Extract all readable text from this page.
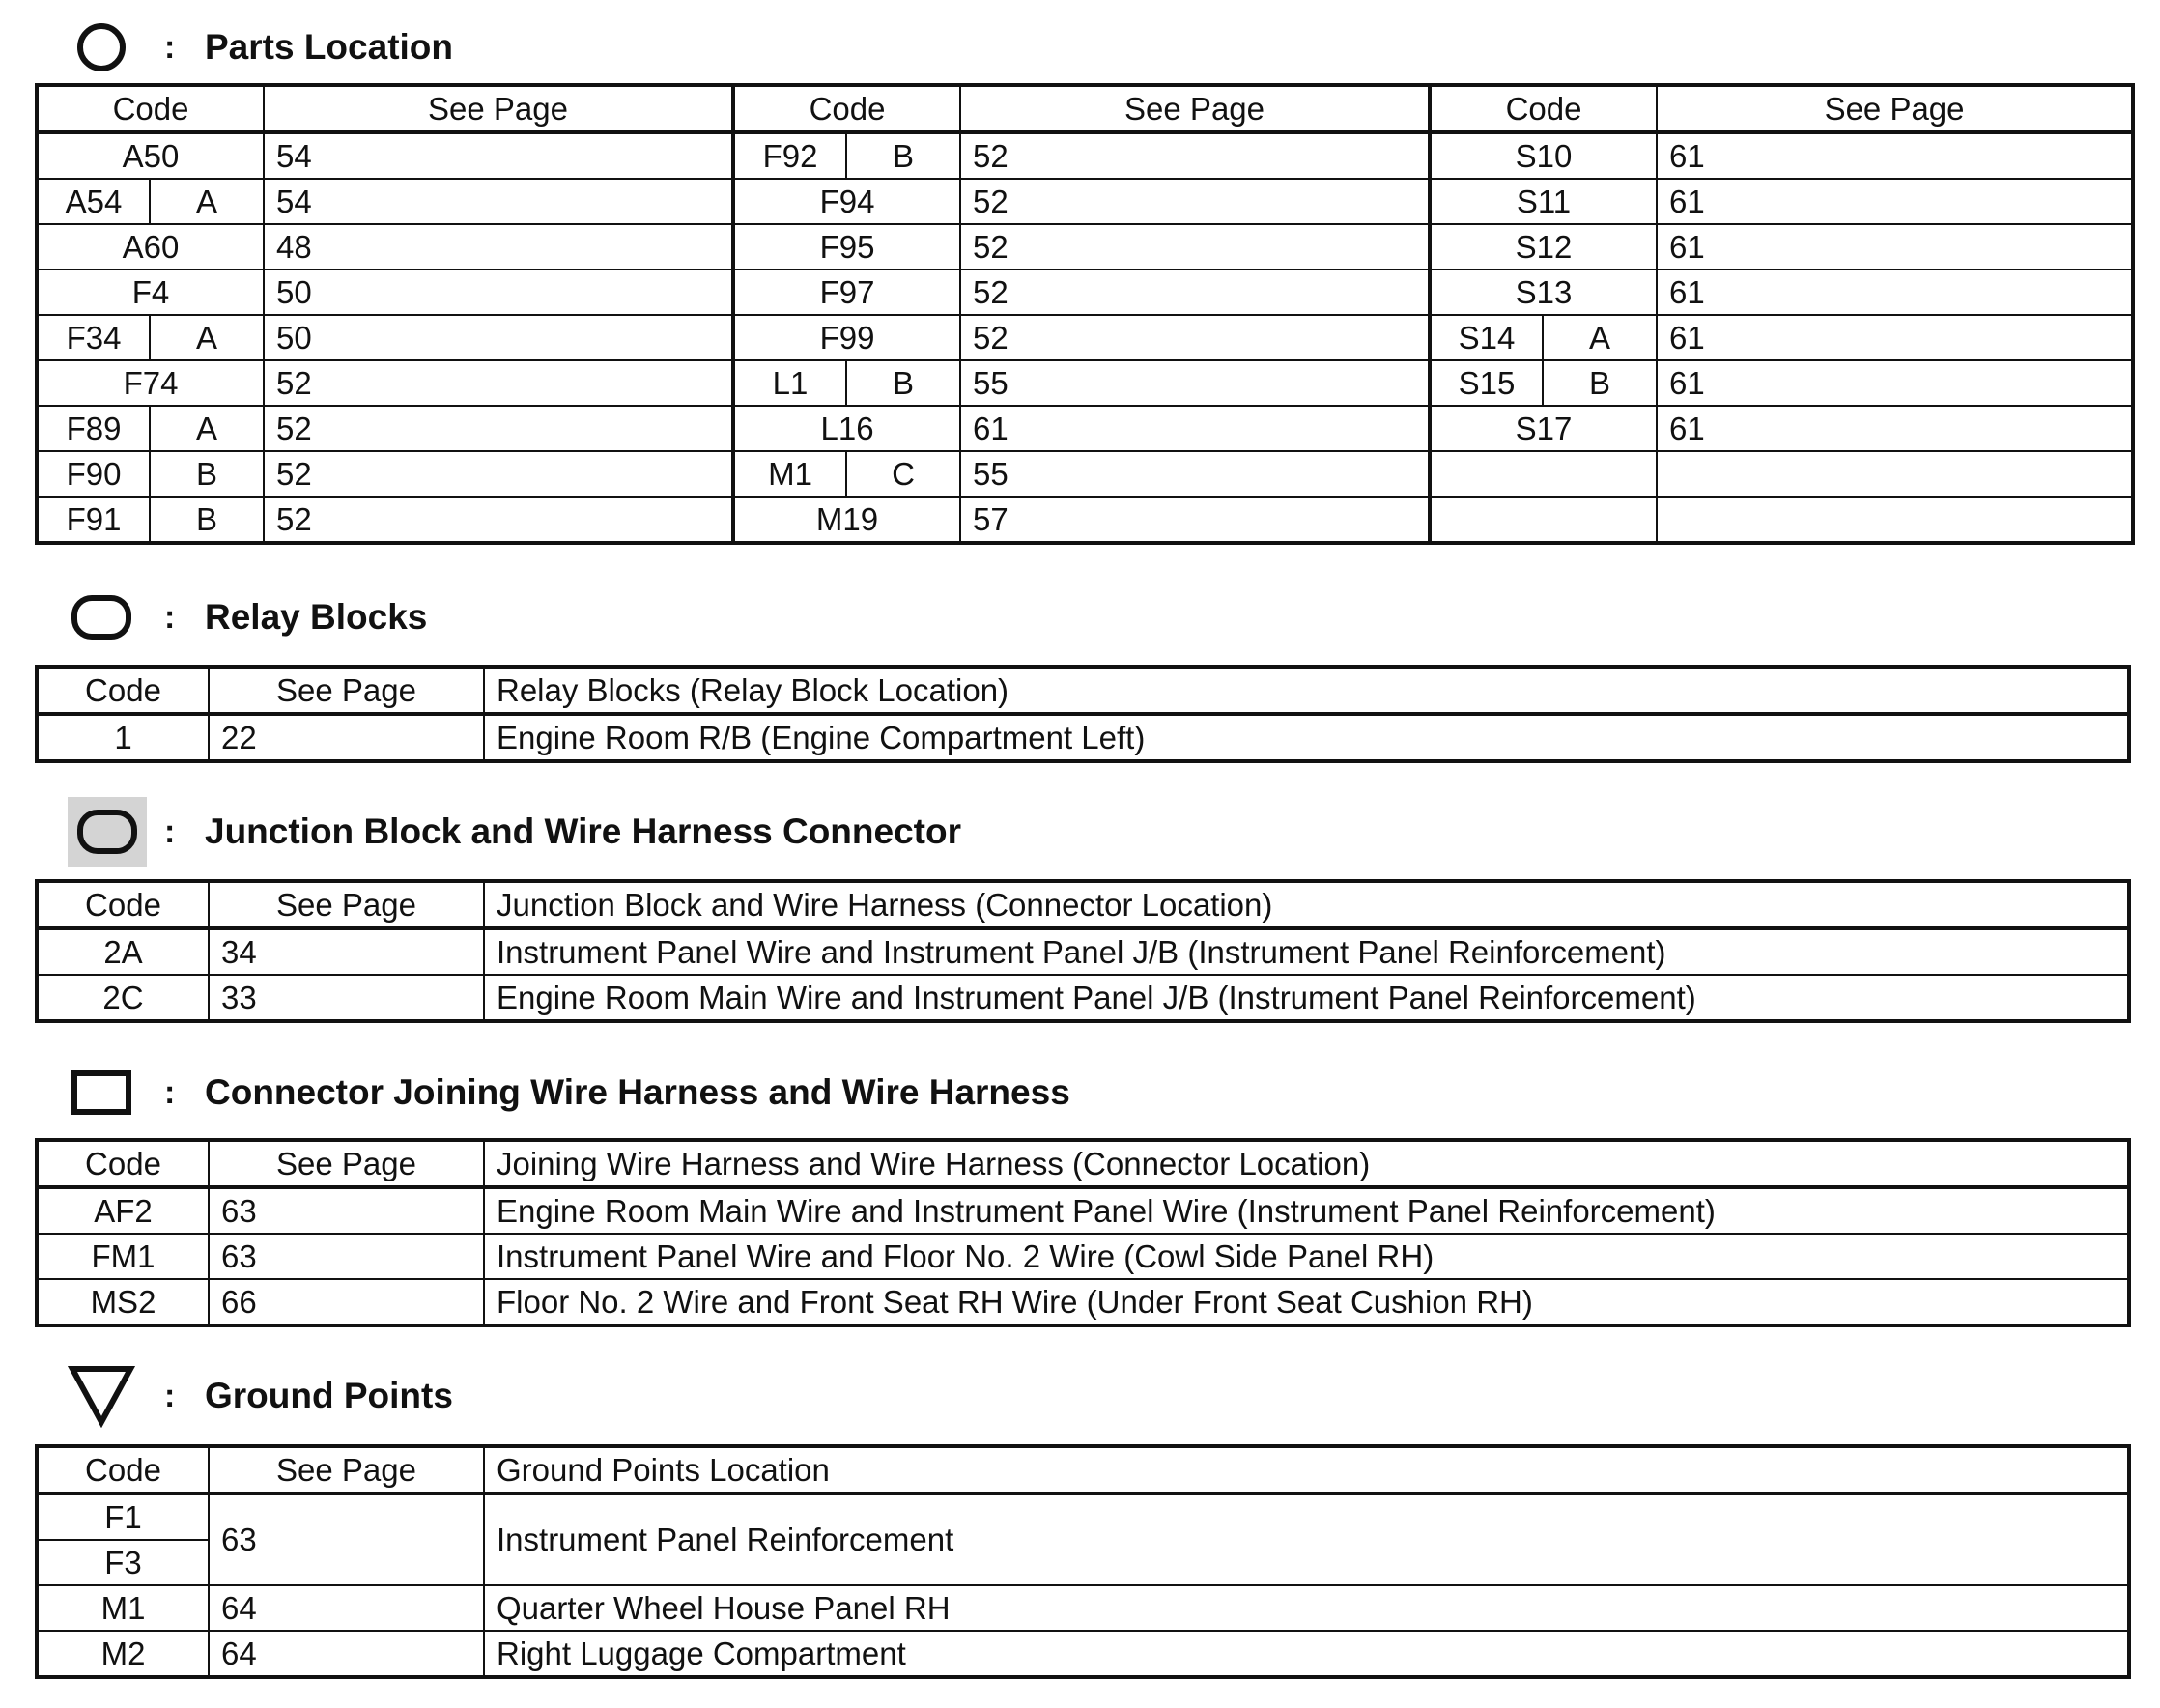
: Parts Location
Code		See Page	Code		See Page	Code		See Page
A50		54	F92	B	52	S10		61
A54	A	54	F94		52	S11		61
A60		48	F95		52	S12		61
F4		50	F97		52	S13		61
F34	A	50	F99		52	S14	A	61
F74		52	L1	B	55	S15	B	61
F89	A	52	L16		61	S17		61
F90	B	52	M1	C	55			
F91	B	52	M19		57			
: Relay Blocks
Code	See Page	Relay Blocks (Relay Block Location)
1	22	Engine Room R/B (Engine Compartment Left)
: Junction Block and Wire Harness Connector
Code	See Page	Junction Block and Wire Harness (Connector Location)
2A	34	Instrument Panel Wire and Instrument Panel J/B (Instrument Panel Reinforcement)
2C	33	Engine Room Main Wire and Instrument Panel J/B (Instrument Panel Reinforcement)
: Connector Joining Wire Harness and Wire Harness
Code	See Page	Joining Wire Harness and Wire Harness (Connector Location)
AF2	63	Engine Room Main Wire and Instrument Panel Wire (Instrument Panel Reinforcement)
FM1	63	Instrument Panel Wire and Floor No. 2 Wire (Cowl Side Panel RH)
MS2	66	Floor No. 2 Wire and Front Seat RH Wire (Under Front Seat Cushion RH)
: Ground Points
Code	See Page	Ground Points Location
F1	63	Instrument Panel Reinforcement
F3		
M1	64	Quarter Wheel House Panel RH
M2	64	Right Luggage Compartment
